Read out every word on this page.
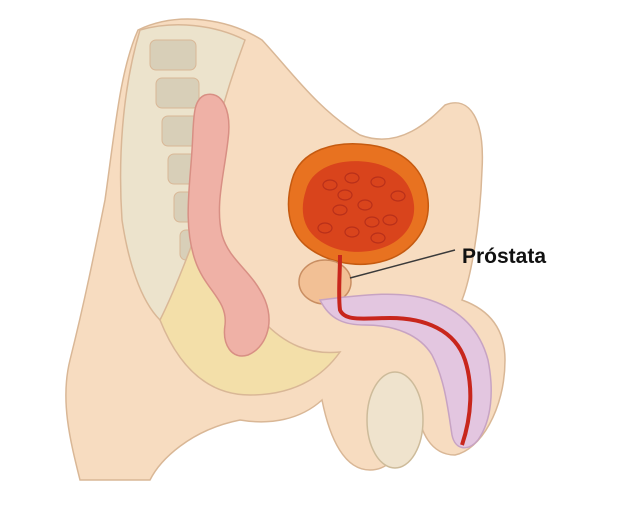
Próstata
